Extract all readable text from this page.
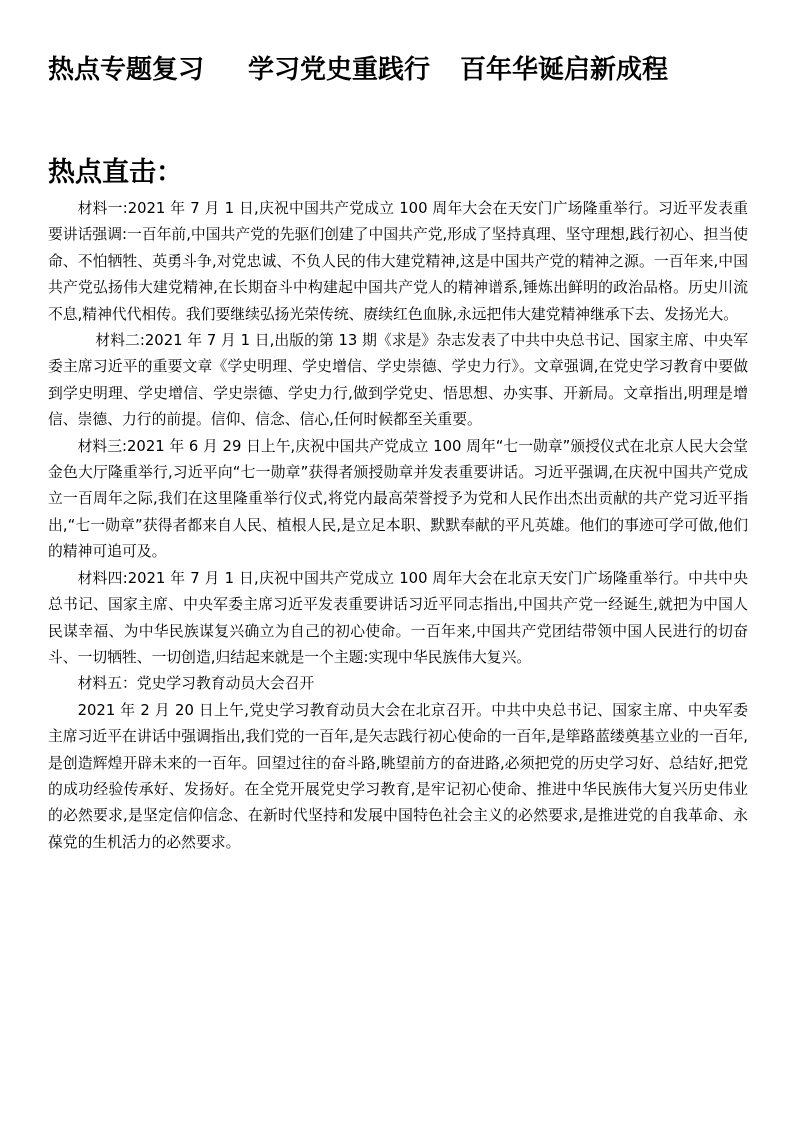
热点专题复习 学习党史重践行 百年华诞启新成程
热点直击：

材料一:2021 年 7 月 1 日,庆祝中国共产党成立 100 周年大会在天安门广场隆重举行。习近平发表重要讲话强调:一百年前,中国共产党的先驱们创建了中国共产党,形成了坚持真理、坚守理想,践行初心、担当使命、不怕牺牲、英勇斗争,对党忠诚、不负人民的伟大建党精神,这是中国共产党的精神之源。一百年来,中国共产党弘扬伟大建党精神,在长期奋斗中构建起中国共产党人的精神谱系,锤炼出鲜明的政治品格。历史川流不息,精神代代相传。我们要继续弘扬光荣传统、赓续红色血脉,永远把伟大建党精神继承下去、发扬光大。

材料二:2021 年 7 月 1 日,出版的第 13 期《求是》杂志发表了中共中央总书记、国家主席、中央军委主席习近平的重要文章《学史明理、学史增信、学史崇德、学史力行》。文章强调,在党史学习教育中要做到学史明理、学史增信、学史崇德、学史力行,做到学党史、悟思想、办实事、开新局。文章指出,明理是增信、崇德、力行的前提。信仰、信念、信心,任何时候都至关重要。

材料三:2021 年 6 月 29 日上午,庆祝中国共产党成立 100 周年“七一勋章”颁授仪式在北京人民大会堂金色大厅隆重举行,习近平向“七一勋章”获得者颁授勋章并发表重要讲话。习近平强调,在庆祝中国共产党成立一百周年之际,我们在这里隆重举行仪式,将党内最高荣誉授予为党和人民作出杰出贡献的共产党习近平指出,“七一勋章”获得者都来自人民、植根人民,是立足本职、默默奉献的平凡英雄。他们的事迹可学可做,他们的精神可追可及。

材料四:2021 年 7 月 1 日,庆祝中国共产党成立 100 周年大会在北京天安门广场隆重举行。中共中央总书记、国家主席、中央军委主席习近平发表重要讲话习近平同志指出,中国共产党一经诞生,就把为中国人民谋幸福、为中华民族谋复兴确立为自己的初心使命。一百年来,中国共产党团结带领中国人民进行的切奋斗、一切牺牲、一切创造,归结起来就是一个主题:实现中华民族伟大复兴。

材料五：党史学习教育动员大会召开

2021 年 2 月 20 日上午,党史学习教育动员大会在北京召开。中共中央总书记、国家主席、中央军委主席习近平在讲话中强调指出,我们党的一百年,是矢志践行初心使命的一百年,是筚路蓝缕奠基立业的一百年,是创造辉煌开辟未来的一百年。回望过往的奋斗路,眺望前方的奋进路,必须把党的历史学习好、总结好,把党的成功经验传承好、发扬好。在全党开展党史学习教育,是牢记初心使命、推进中华民族伟大复兴历史伟业的必然要求,是坚定信仰信念、在新时代坚持和发展中国特色社会主义的必然要求,是推进党的自我革命、永葆党的生机活力的必然要求。
